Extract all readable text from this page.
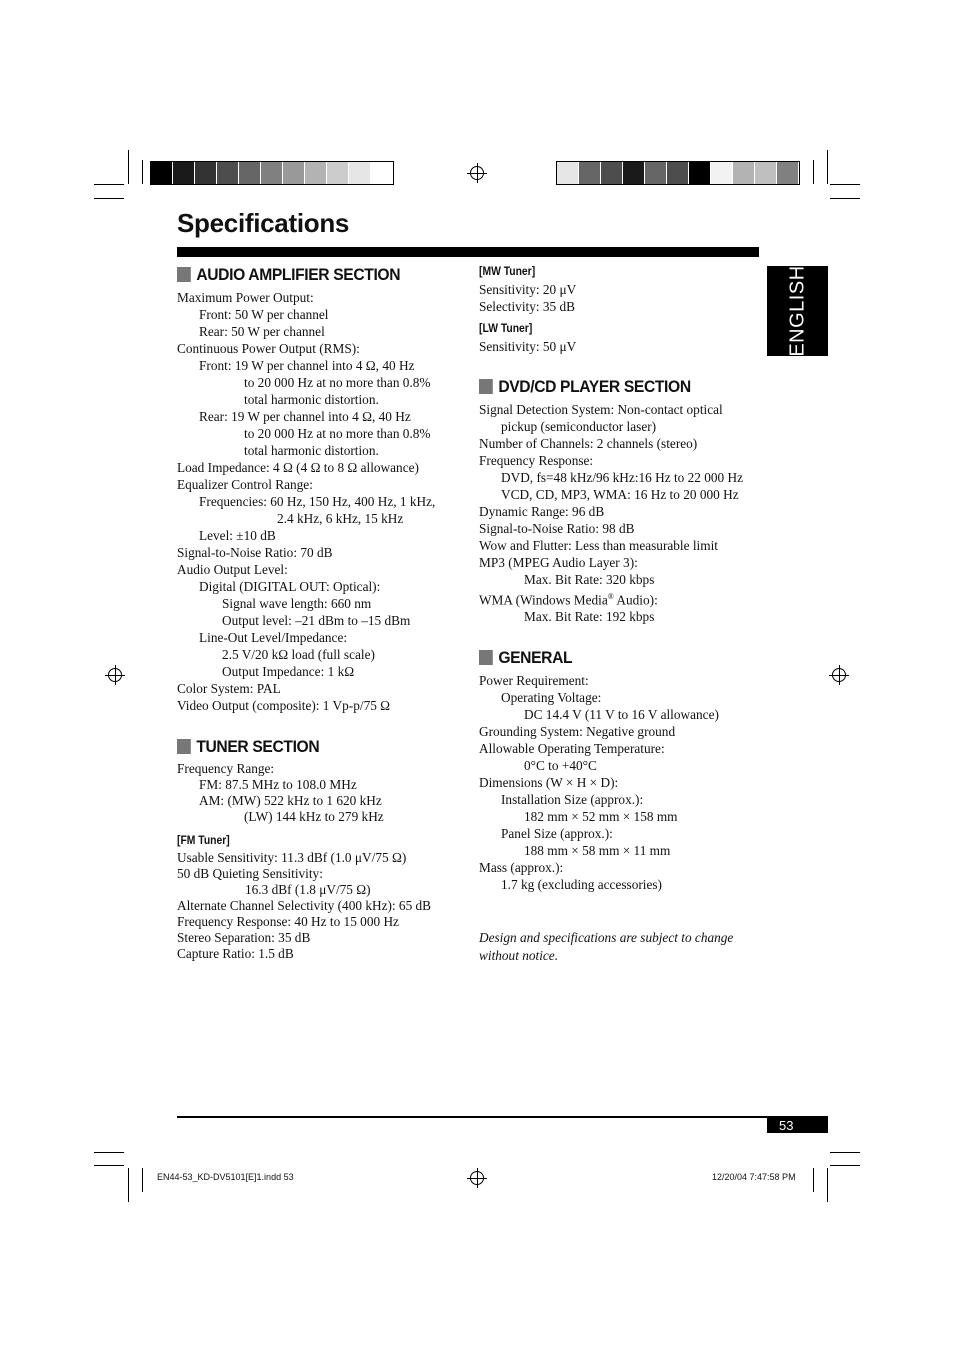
Specifications
ENGLISH
AUDIO AMPLIFIER SECTION
Maximum Power Output:
Front: 50 W per channel
Rear: 50 W per channel
Continuous Power Output (RMS):
Front: 19 W per channel into 4 Ω, 40 Hz
to 20 000 Hz at no more than 0.8%
total harmonic distortion.
Rear: 19 W per channel into 4 Ω, 40 Hz
to 20 000 Hz at no more than 0.8%
total harmonic distortion.
Load Impedance: 4 Ω (4 Ω to 8 Ω allowance)
Equalizer Control Range:
Frequencies: 60 Hz, 150 Hz, 400 Hz, 1 kHz,
2.4 kHz, 6 kHz, 15 kHz
Level: ±10 dB
Signal-to-Noise Ratio: 70 dB
Audio Output Level:
Digital (DIGITAL OUT: Optical):
Signal wave length: 660 nm
Output level: –21 dBm to –15 dBm
Line-Out Level/Impedance:
2.5 V/20 kΩ load (full scale)
Output Impedance: 1 kΩ
Color System: PAL
Video Output (composite): 1 Vp-p/75 Ω
TUNER SECTION
Frequency Range:
FM: 87.5 MHz to 108.0 MHz
AM: (MW) 522 kHz to 1 620 kHz
(LW) 144 kHz to 279 kHz
[FM Tuner]
Usable Sensitivity: 11.3 dBf (1.0 μV/75 Ω)
50 dB Quieting Sensitivity:
16.3 dBf (1.8 μV/75 Ω)
Alternate Channel Selectivity (400 kHz): 65 dB
Frequency Response: 40 Hz to 15 000 Hz
Stereo Separation: 35 dB
Capture Ratio: 1.5 dB
[MW Tuner]
Sensitivity: 20 μV
Selectivity: 35 dB
[LW Tuner]
Sensitivity: 50 μV
DVD/CD PLAYER SECTION
Signal Detection System: Non-contact optical
pickup (semiconductor laser)
Number of Channels: 2 channels (stereo)
Frequency Response:
DVD, fs=48 kHz/96 kHz:16 Hz to 22 000 Hz
VCD, CD, MP3, WMA: 16 Hz to 20 000 Hz
Dynamic Range: 96 dB
Signal-to-Noise Ratio: 98 dB
Wow and Flutter: Less than measurable limit
MP3 (MPEG Audio Layer 3):
Max. Bit Rate: 320 kbps
WMA (Windows Media® Audio):
Max. Bit Rate: 192 kbps
GENERAL
Power Requirement:
Operating Voltage:
DC 14.4 V (11 V to 16 V allowance)
Grounding System: Negative ground
Allowable Operating Temperature:
0°C to +40°C
Dimensions (W × H × D):
Installation Size (approx.):
182 mm × 52 mm × 158 mm
Panel Size (approx.):
188 mm × 58 mm × 11 mm
Mass (approx.):
1.7 kg (excluding accessories)
Design and specifications are subject to change
without notice.
53
EN44-53_KD-DV5101[E]1.indd 53	12/20/04 7:47:58 PM
